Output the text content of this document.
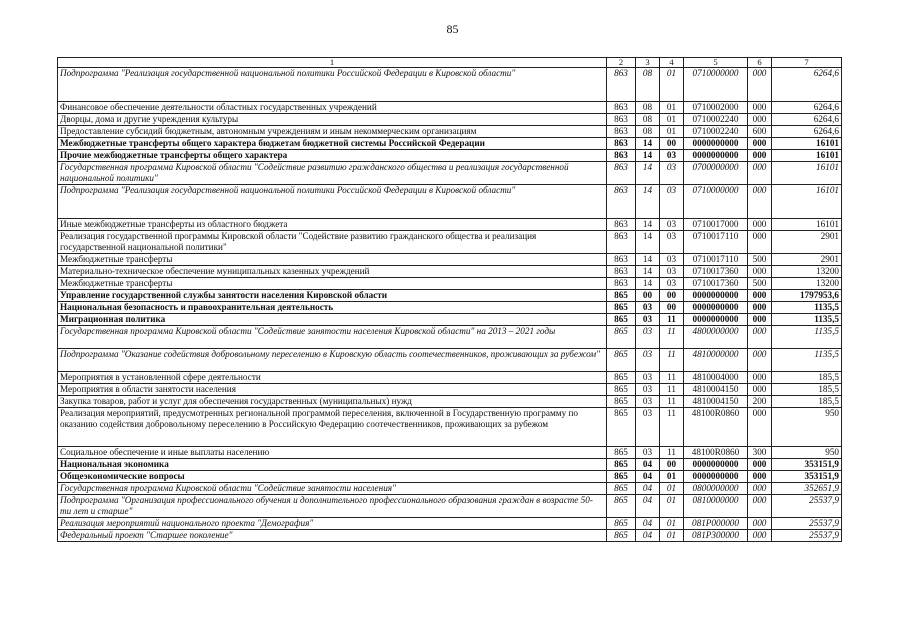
85
1	2	3	4	5	6	7
Подпрограмма "Реализация государственной национальной политики Российской Федерации в Кировской области"	863	08	01	0710000000	000	6264,6
Финансовое обеспечение деятельности областных государственных учреждений	863	08	01	0710002000	000	6264,6
Дворцы, дома и другие учреждения культуры	863	08	01	0710002240	000	6264,6
Предоставление субсидий бюджетным, автономным учреждениям и иным некоммерческим организациям	863	08	01	0710002240	600	6264,6
Межбюджетные трансферты общего характера бюджетам бюджетной системы Российской Федерации	863	14	00	0000000000	000	16101
Прочие межбюджетные трансферты общего характера	863	14	03	0000000000	000	16101
Государственная программа Кировской области "Содействие развитию гражданского общества и реализация государственной национальной политики"	863	14	03	0700000000	000	16101
Подпрограмма "Реализация государственной национальной политики Российской Федерации в Кировской области"	863	14	03	0710000000	000	16101
Иные межбюджетные трансферты из областного бюджета	863	14	03	0710017000	000	16101
Реализация государственной программы Кировской области "Содействие развитию гражданского общества и реализация государственной национальной политики"	863	14	03	0710017110	000	2901
Межбюджетные трансферты	863	14	03	0710017110	500	2901
Материально-техническое обеспечение муниципальных казенных учреждений	863	14	03	0710017360	000	13200
Межбюджетные трансферты	863	14	03	0710017360	500	13200
Управление государственной службы занятости населения Кировской области	865	00	00	0000000000	000	1797953,6
Национальная безопасность и правоохранительная деятельность	865	03	00	0000000000	000	1135,5
Миграционная политика	865	03	11	0000000000	000	1135,5
Государственная программа Кировской области "Содействие занятости населения Кировской области" на 2013 – 2021 годы	865	03	11	4800000000	000	1135,5
Подпрограмма "Оказание содействия добровольному переселению в Кировскую область соотечественников, проживающих за рубежом"	865	03	11	4810000000	000	1135,5
Мероприятия в установленной сфере деятельности	865	03	11	4810004000	000	185,5
Мероприятия в области занятости населения	865	03	11	4810004150	000	185,5
Закупка товаров, работ и услуг для обеспечения государственных (муниципальных) нужд	865	03	11	4810004150	200	185,5
Реализация мероприятий, предусмотренных региональной программой переселения, включенной в Государственную программу по оказанию содействия добровольному переселению в Российскую Федерацию соотечественников, проживающих за рубежом	865	03	11	48100R0860	000	950
Социальное обеспечение и иные выплаты населению	865	03	11	48100R0860	300	950
Национальная экономика	865	04	00	0000000000	000	353151,9
Общеэкономические вопросы	865	04	01	0000000000	000	353151,9
Государственная программа Кировской области "Содействие занятости населения"	865	04	01	0800000000	000	352651,9
Подпрограмма "Организация профессионального обучения и дополнительного профессионального образования граждан в возрасте 50-ти лет и старше"	865	04	01	0810000000	000	25537,9
Реализация мероприятий национального проекта "Демография"	865	04	01	081P000000	000	25537,9
Федеральный проект "Старшее поколение"	865	04	01	081P300000	000	25537,9
